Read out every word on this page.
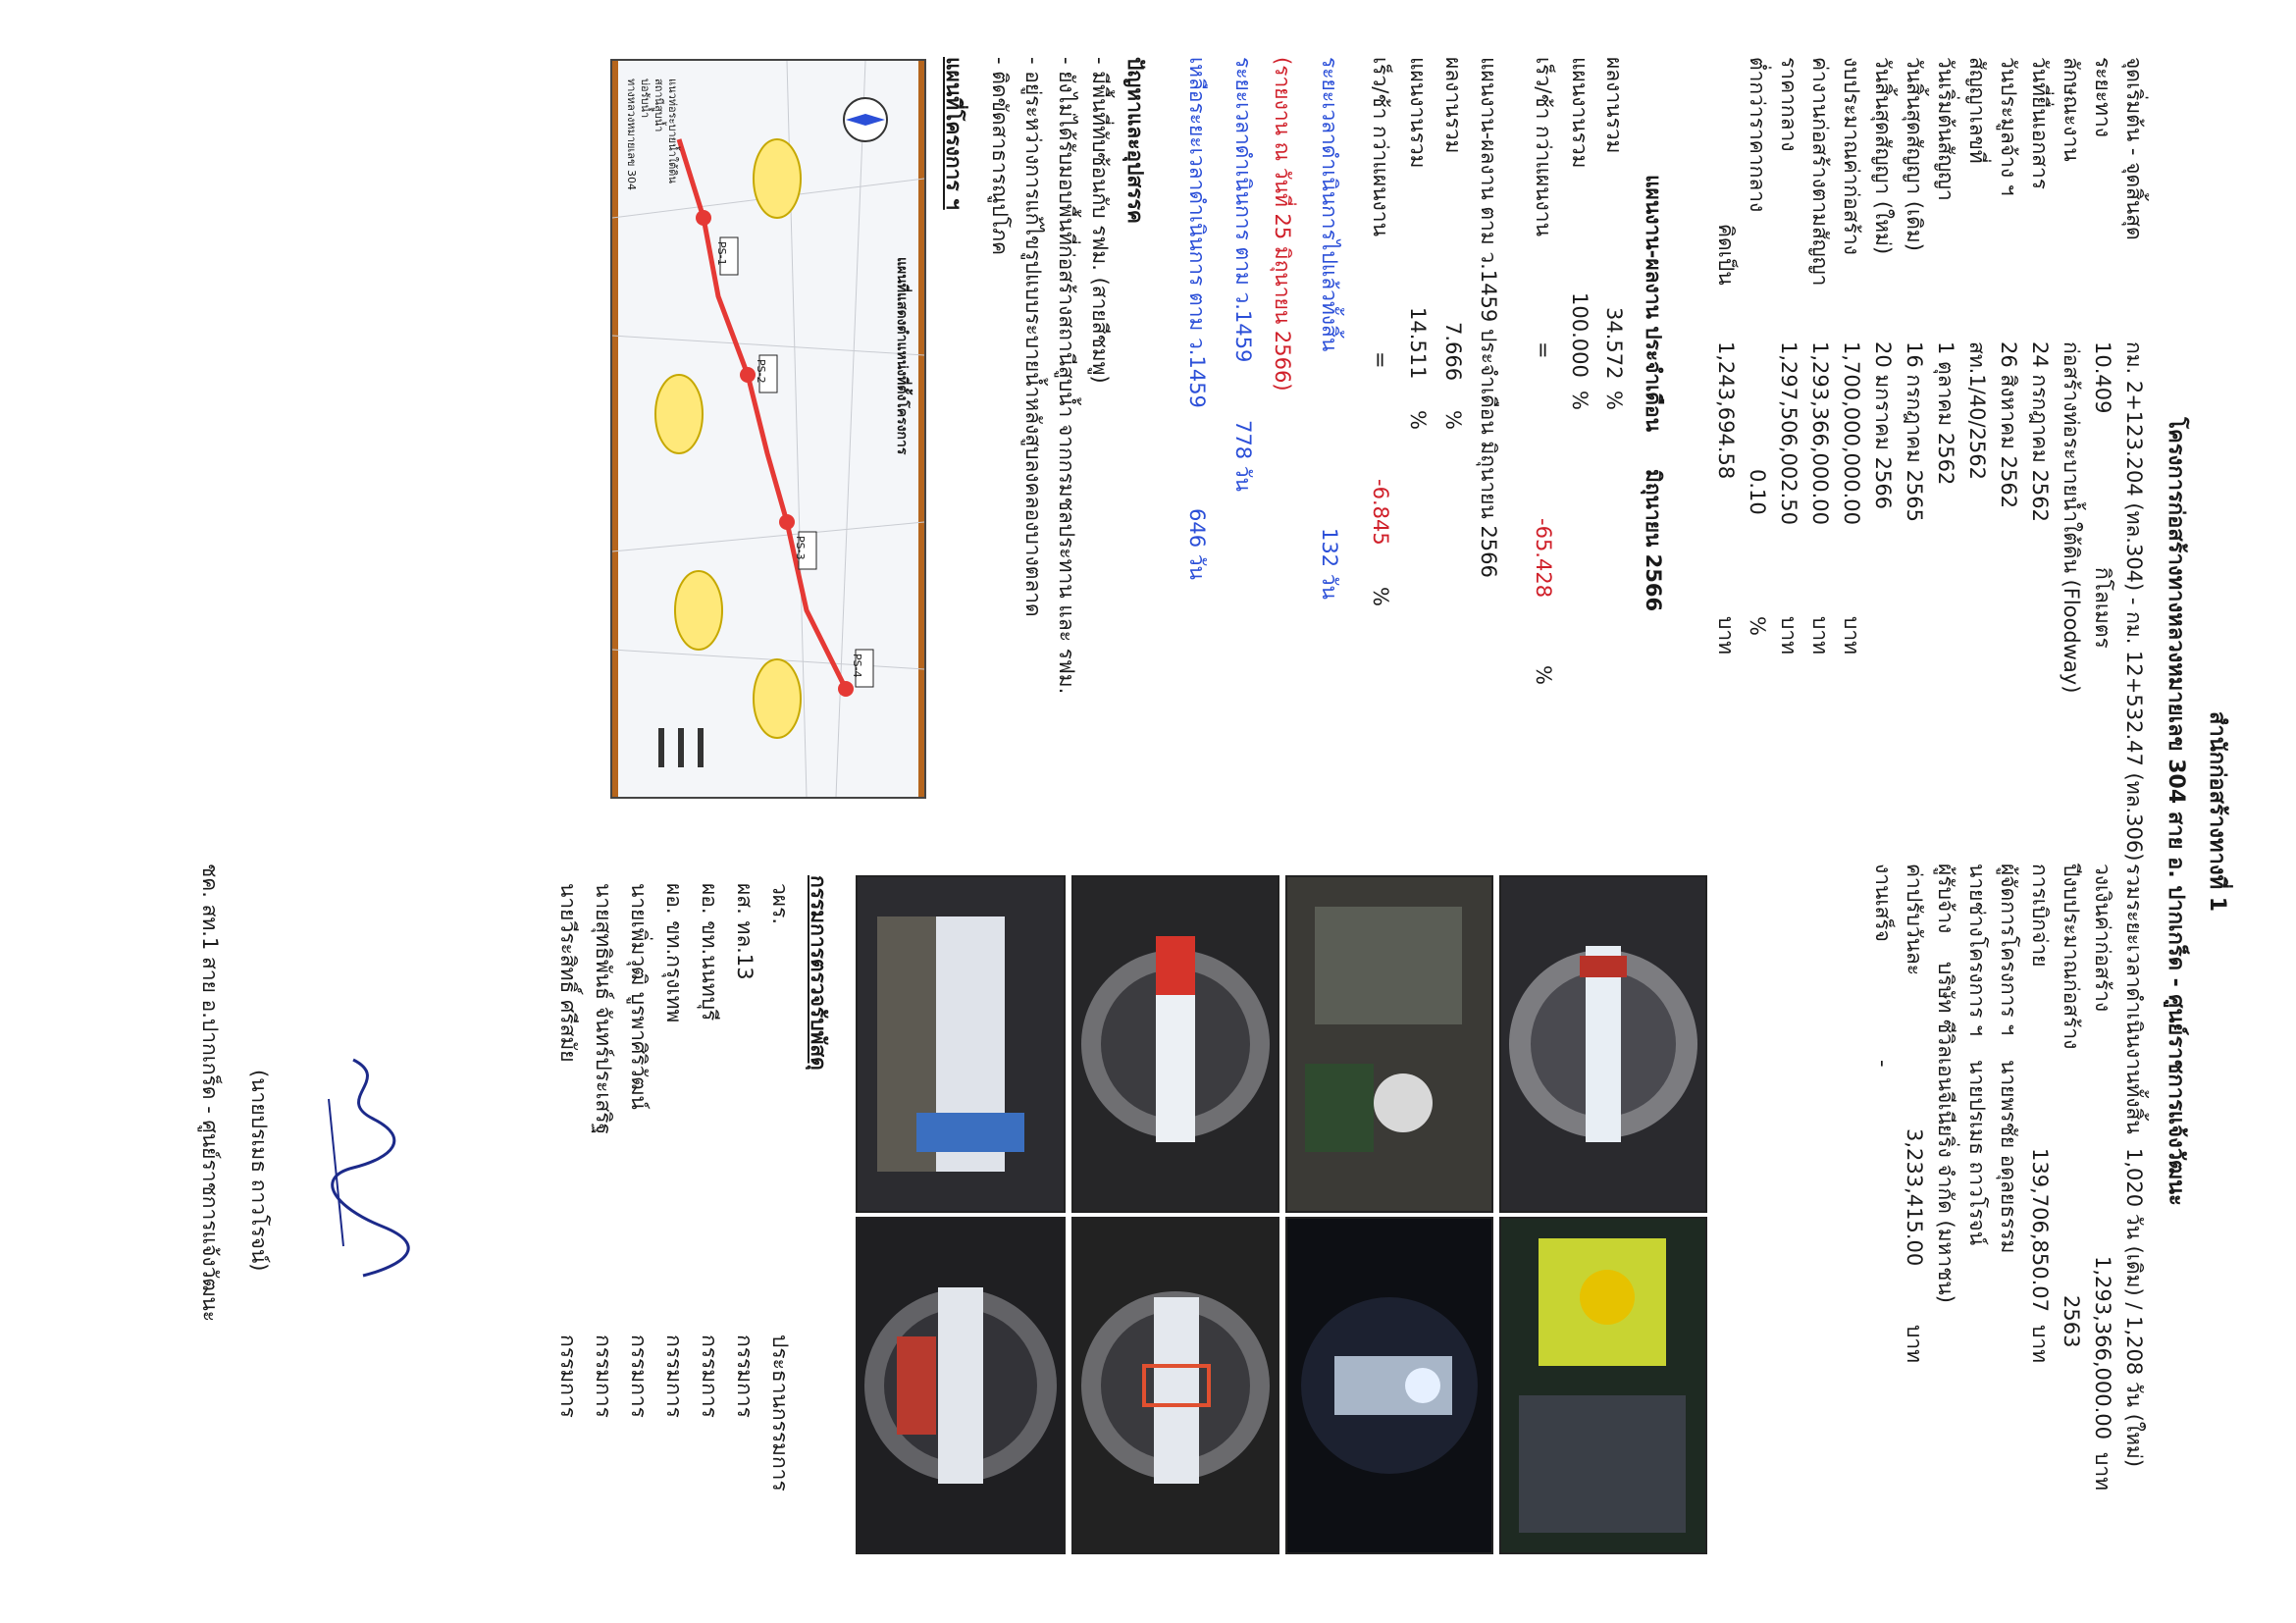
สำนักก่อสร้างทางที่ 1
โครงการก่อสร้างทางหลวงหมายเลข 304 สาย อ. ปากเกร็ด - ศูนย์ราชการแจ้งวัฒนะ
จุดเริ่มต้น - จุดสิ้นสุด
กม. 2+123.204 (ทล.304) - กม. 12+532.47 (ทล.306)
ระยะทาง
10.409
กิโลเมตร
ลักษณะงาน
ก่อสร้างท่อระบายน้ำใต้ดิน (Floodway)
วันที่ยื่นเอกสาร
24 กรกฎาคม 2562
วันประมูลจ้าง ฯ
26 สิงหาคม 2562
สัญญาเลขที่
สท.1/40/2562
วันเริ่มต้นสัญญา
1 ตุลาคม 2562
วันสิ้นสุดสัญญา (เดิม)
16 กรกฎาคม 2565
วันสิ้นสุดสัญญา (ใหม่)
20 มกราคม 2566
งบประมาณค่าก่อสร้าง
1,700,000,000.00
บาท
ค่างานก่อสร้างตามสัญญา
1,293,366,000.00
บาท
ราคากลาง
1,297,506,002.50
บาท
ต่ำกว่าราคากลาง
0.10
%
คิดเป็น
1,243,694.58
บาท
รวมระยะเวลาดำเนินงานทั้งสิ้น
1,020 วัน (เดิม) / 1,208 วัน (ใหม่)
วงเงินค่าก่อสร้าง
1,293,366,000.00
บาท
ปีงบประมาณก่อสร้าง
2563
การเบิกจ่าย
139,706,850.07
บาท
ผู้จัดการโครงการ ฯ
นายพรชัย อดุลยธรรม
นายช่างโครงการ ฯ
นายปรเมธ ถาวโรจน์
ผู้รับจ้าง
บริษัท ซีวิลเอนจีเนียริ่ง จำกัด (มหาชน)
ค่าปรับวันละ
3,233,415.00
บาท
งานเสร็จ
-
แผนงาน-ผลงาน ประจำเดือน
มิถุนายน 2566
ผลงานรวม
34.572
%
แผนงานรวม
100.000
%
เร็ว/ช้า กว่าแผนงาน
=
-65.428
%
แผนงาน-ผลงาน ตาม ว.1459 ประจำเดือน มิถุนายน 2566
ผลงานรวม
7.666
%
แผนงานรวม
14.511
%
เร็ว/ช้า กว่าแผนงาน
=
-6.845
%
ระยะเวลาดำเนินการไปแล้วทั้งสิ้น
132 วัน
(รายงาน ณ วันที่ 25 มิถุนายน 2566)
ระยะเวลาดำเนินการ ตาม ว.1459
778 วัน
เหลือระยะเวลาดำเนินการ ตาม ว.1459
646 วัน
ปัญหาและอุปสรรค
- มีพื้นที่ทับซ้อนกับ รฟม. (สายสีชมพู)
- ยังไม่ได้รับมอบพื้นที่ก่อสร้างสถานีสูบน้ำ จากกรมชลประทาน และ รฟม.
- อยู่ระหว่างการแก้ไขรูปแบบระบายน้ำหลังสูบลงคลองบางตลาด
- ติดขัดสาธารณูปโภค
แผนที่โครงการ ฯ
แผนที่แสดงตำแหน่งที่ตั้งโครงการ
PS-1
PS-2
PS-3
PS-4
แนวท่อระบายน้ำใต้ดิน
สถานีสูบน้ำ
บ่อรับน้ำ
ทางหลวงหมายเลข 304
กรรมการตรวจรับพัสดุ
วผร.
ประธานกรรมการ
ผส. ทล.13
กรรมการ
ผอ. ขท.นนทบุรี
กรรมการ
ผอ. ขท.กรุงเทพ
กรรมการ
นายเพิ่มวุฒิ บูรพาศิริวัฒน์
กรรมการ
นายสุทธิพันธ์ จันทร์ประเสริฐ
กรรมการ
นายวีระสิทธิ์ ศรีสมัย
กรรมการ
(นายปรเมธ ถาวโรจน์)
ชค. สท.1 สาย อ.ปากเกร็ด - ศูนย์ราชการแจ้งวัฒนะ
